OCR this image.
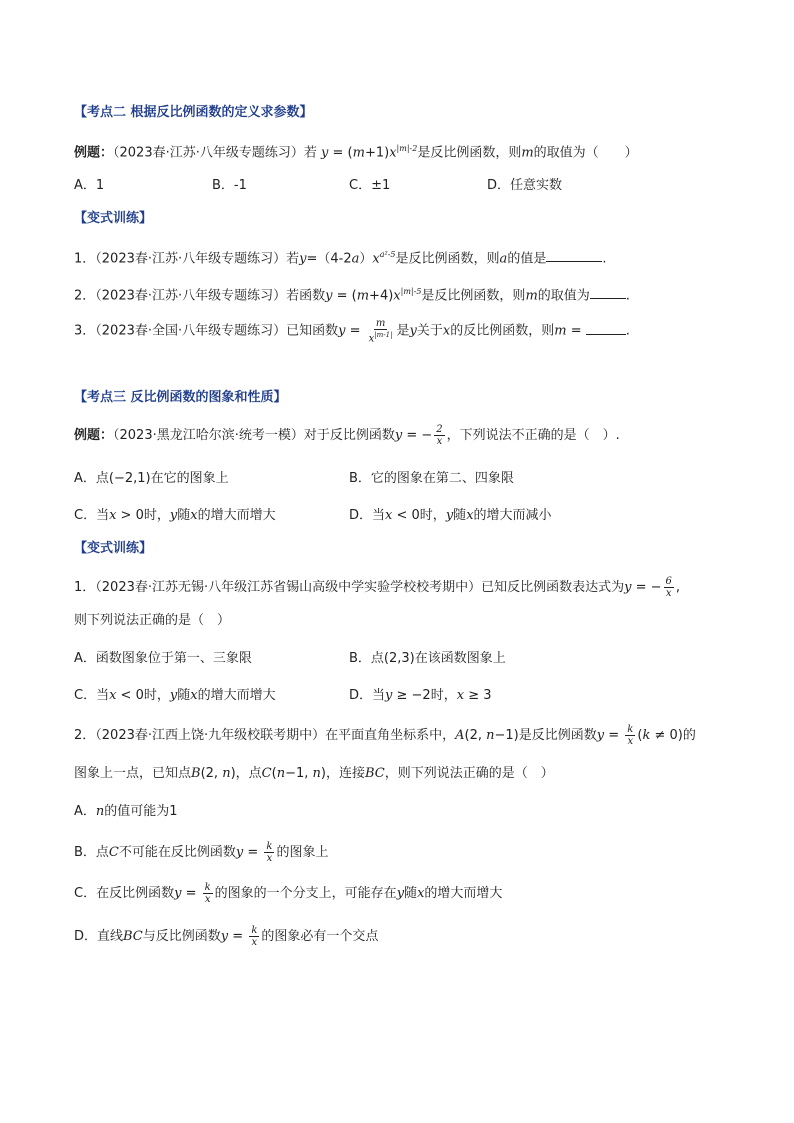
【考点二 根据反比例函数的定义求参数】
例题：（2023春·江苏·八年级专题练习）若 $y = (m+1)x^{|m|-2}$是反比例函数，则m的取值为（　　）
A．1	B．-1	C．±1	D．任意实数
【变式训练】
1．（2023春·江苏·八年级专题练习）若$y=(4-2a)x^{a^2-5}$是反比例函数，则a的值是	.
2．（2023春·江苏·八年级专题练习）若函数$y = (m+4)x^{|m|-5}$是反比例函数，则m的取值为	.
3．（2023春·全国·八年级专题练习）已知函数$y = \frac{m}{x^{|m-1|}}$ 是y关于x的反比例函数，则m =	.
【考点三 反比例函数的图象和性质】
例题：（2023·黑龙江哈尔滨·统考一模）对于反比例函数y = − $\frac{2}{x}$ ，下列说法不正确的是（　）.
A．点(−2,1)在它的图象上	B．它的图象在第二、四象限
C．当x > 0时，y随x的增大而增大	D．当x < 0时，y随x的增大而减小
【变式训练】
1．（2023春·江苏无锡·八年级江苏省锡山高级中学实验学校校考期中）已知反比例函数表达式为y = − $\frac{6}{x}$ ,
则下列说法正确的是（　）
A．函数图象位于第一、三象限	B．点(2,3)在该函数图象上
C．当x < 0时，y随x的增大而增大	D．当y ≥ −2时，x ≥ 3
2．（2023春·江西上饶·九年级校联考期中）在平面直角坐标系中，A(2, n−1)是反比例函数$y = \frac{k}{x} (k \ne 0)$的
图象上一点，已知点B(2, n)，点C(n−1, n)，连接BC，则下列说法正确的是（　）
A．n的值可能为1
B．点C不可能在反比例函数$y = \frac{k}{x}$ 的图象上
C．在反比例函数$y = \frac{k}{x}$ 的图象的一个分支上，可能存在y随x的增大而增大
D．直线BC与反比例函数$y = \frac{k}{x}$ 的图象必有一个交点
